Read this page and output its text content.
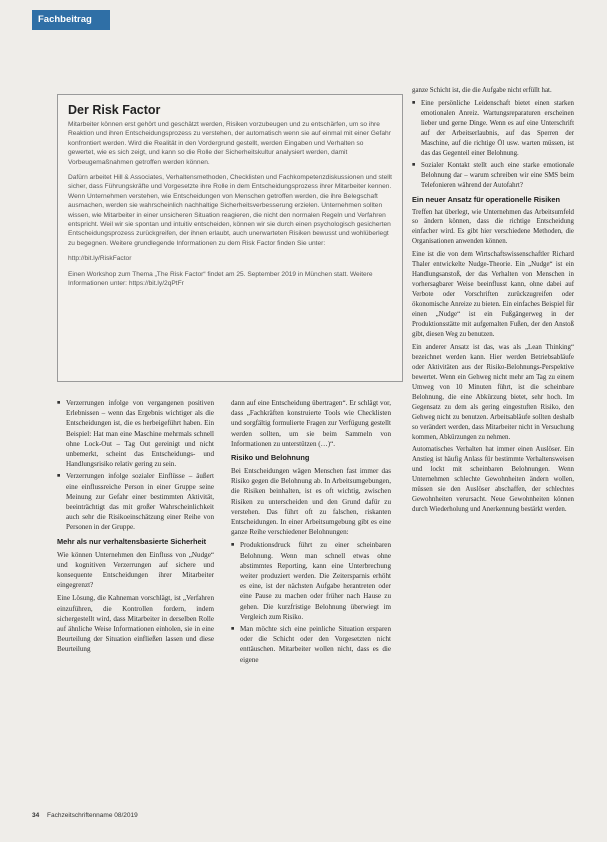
Fachbeitrag
Der Risk Factor

Mitarbeiter können erst gehört und geschätzt werden, Risiken vorzubeugen und zu entschärfen, um so ihre Reaktion und ihren Entscheidungsprozess zu verstehen, der automatisch wenn sie auf einmal mit einer Gefahr konfrontiert werden. Wird die Realität in den Vordergrund gestellt, werden Eingaben und Verhalten so gewertet, wie es sich zeigt, und kann so die Rolle der Sicherheitskultur analysiert werden, damit Vorbeugemaßnahmen getroffen werden können.

Dafürn arbeitet Hill & Associates, Verhaltensmethoden, Checklisten und Fachkompetenzdiskussionen und stellt sicher, dass Führungskräfte und Vorgesetzte ihre Rolle in dem Entscheidungsprozess ihrer Mitarbeiter kennen. Wenn Unternehmen verstehen, wie Entscheidungen von Menschen getroffen werden, die ihre Belegschaft ausmachen, werden sie wahrscheinlich nachhaltige Sicherheitsverbesserung erzielen. Unternehmen sollten wissen, wie Mitarbeiter in einer unsicheren Situation reagieren, die nicht den normalen Regeln und Verfahren entspricht. Weil wir sie spontan und intuitiv entscheiden, können wir sie durch einen psychologisch gesicherten Entscheidungsprozess zurückgreifen, der ihnen erlaubt, auch unerwarteten Risiken bewusst und wohlüberlegt zu begegnen. Weitere grundlegende Informationen zu dem Risk Factor finden Sie unter:

http://bit.ly/RiskFactor

Einen Workshop zum Thema „The Risk Factor“ findet am 25. September 2019 in München statt. Weitere Informationen unter: https://bit.ly/2qPtFr

■ Verzerrungen infolge von vergangenen positiven Erlebnissen – wenn das Ergebnis wichtiger als die Entscheidungen ist, die es herbeigeführt haben. Ein Beispiel: Hat man eine Maschine mehrmals schnell ohne Lock-Out – Tag Out gereinigt und nicht unbemerkt, scheint das Entscheidungs- und Handlungsrisiko relativ gering zu sein.
■ Verzerrungen infolge sozialer Einflüsse – äußert eine einflussreiche Person in einer Gruppe seine Meinung zur Gefahr einer bestimmten Aktivität, beeinträchtigt das mit großer Wahrscheinlichkeit auch sehr die Risikoeinschätzung einer Reihe von Personen in der Gruppe.
Mehr als nur verhaltensbasierte Sicherheit

Wie können Unternehmen den Einfluss von „Nudge“ und kognitiven Verzerrungen auf sichere und konsequente Entscheidungen ihrer Mitarbeiter eingegrenzt?

Eine Lösung, die Kahneman vorschlägt, ist „Verfahren einzuführen, die Kontrollen fordern, indem sichergestellt wird, dass Mitarbeiter in derselben Rolle auf ähnliche Weise Informationen einholen, sie in eine Beurteilung der Situation einfließen lassen und diese Beurteilung

dann auf eine Entscheidung übertragen“. Er schlägt vor, dass „Fachkräften konstruierte Tools wie Checklisten und sorgfältig formulierte Fragen zur Verfügung gestellt werden sollten, um sie beim Sammeln von Informationen zu unterstützen (…)“.

Risiko und Belohnung

Bei Entscheidungen wägen Menschen fast immer das Risiko gegen die Belohnung ab. In Arbeitsumgebungen, die Risiken beinhalten, ist es oft wichtig, zwischen Risiken zu unterscheiden und den Grund dafür zu verstehen. Das führt oft zu falschen, riskanten Entscheidungen. In einer Arbeitsumgebung gibt es eine ganze Reihe verschiedener Belohnungen:

■ Produktionsdruck führt zu einer scheinbaren Belohnung. Wenn man schnell etwas ohne abstimmtes Reporting, kann eine Unterbrechung weiter produziert werden. Die Zeitersparnis erhöht es eine, ist der nächsten Aufgabe herantreten oder eine Pause zu machen oder früher nach Hause zu gehen. Die kurzfristige Belohnung überwiegt im Vergleich zum Risiko.
■ Man möchte sich eine peinliche Situation ersparen oder die Schicht oder den Vorgesetzten nicht enttäuschen. Mitarbeiter wollen nicht, dass es die eigene

ganze Schicht ist, die die Aufgabe nicht erfüllt hat.

■ Eine persönliche Leidenschaft bietet einen starken emotionalen Anreiz. Wartungsreparaturen erscheinen lieber und gerne Dinge. Wenn es auf eine Unterschrift auf der Arbeitserlaubnis, auf das Sperren der Maschine, auf die richtige Öl usw. warten müssen, ist das das Gegenteil einer Belohnung.
■ Sozialer Kontakt stellt auch eine starke emotionale Belohnung dar – warum schreiben wir eine SMS beim Telefonieren während der Autofahrt?
Ein neuer Ansatz für operationelle Risiken

Treffen hat überlegt, wie Unternehmen das Arbeitsumfeld so ändern können, dass die richtige Entscheidung einfacher wird. Es gibt hier verschiedene Methoden, die Organisationen anwenden können.

Eine ist die von dem Wirtschaftswissenschaftler Richard Thaler entwickelte Nudge-Theorie. Ein „Nudge“ ist ein Handlungsanstoß, der das Verhalten von Menschen in vorhersagbarer Weise beeinflusst kann, ohne dabei auf Verbote oder Vorschriften zurückzugreifen oder ökonomische Anreize zu bieten. Ein einfaches Beispiel für einen „Nudge“ ist ein Fußgängerweg in der Produktionsstätte mit aufgemalten Fußen, der den Anstoß gibt, diesen Weg zu benutzen.

Ein anderer Ansatz ist das, was als „Lean Thinking“ bezeichnet werden kann. Hier werden Betriebsabläufe oder Aktivitäten aus der Risiko-Belohnungs-Perspektive bewertet. Wenn ein Gehweg nicht mehr am Tag zu einem Umweg von 10 Minuten führt, ist die scheinbare Belohnung, die eine Abkürzung bietet, sehr hoch. Im Gegensatz zu dem als gering eingestuften Risiko, den Gehweg nicht zu benutzen. Arbeitsabläufe sollten deshalb so verändert werden, dass Mitarbeiter nicht in Versuchung kommen, Abkürzungen zu nehmen.

Automatisches Verhalten hat immer einen Auslöser. Ein Anstieg ist häufig Anlass für bestimmte Verhaltensweisen und lockt mit scheinbaren Belohnungen. Wenn Unternehmen schlechte Gewohnheiten ändern wollen, müssen sie den Auslöser abschaffen, der schlechtes Gewohnheiten verursacht. Neue Gewohnheiten können durch Wiederholung und Anerkennung bestärkt werden.

34 Fachzeitschriftenname 08/2019
